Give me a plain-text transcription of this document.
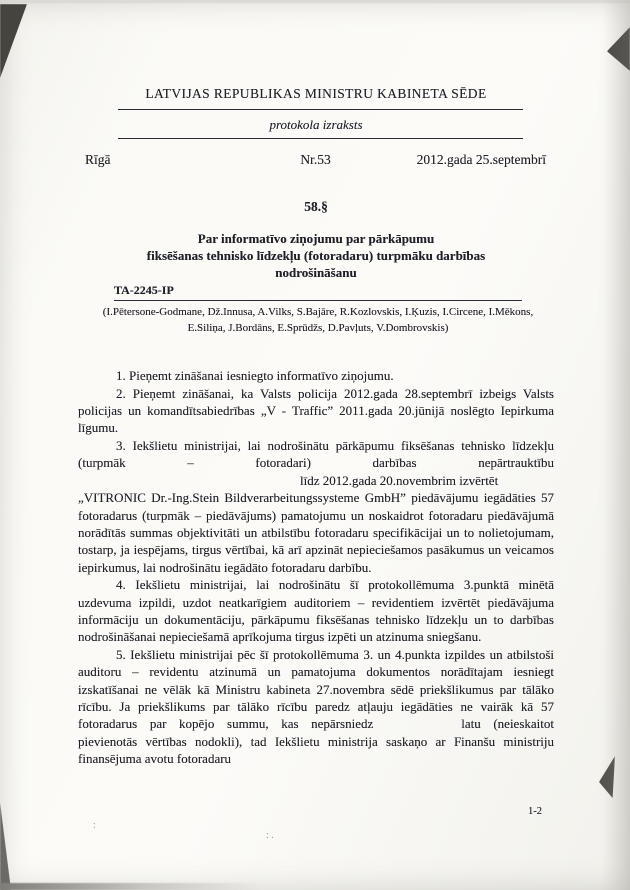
:
: .
LATVIJAS REPUBLIKAS MINISTRU KABINETA SĒDE
protokola izraksts
Rīgā	Nr.53	2012.gada 25.septembrī
58.§
Par informatīvo ziņojumu par pārkāpumu
fiksēšanas tehnisko līdzekļu (fotoradaru) turpmāku darbības
nodrošināšanu
TA-2245-IP
(I.Pētersone-Godmane, Dž.Innusa, A.Vilks, S.Bajāre, R.Kozlovskis, I.Ķuzis, I.Circene, I.Mēkons, E.Siliņa, J.Bordāns, E.Sprūdžs, D.Pavļuts, V.Dombrovskis)

1. Pieņemt zināšanai iesniegto informatīvo ziņojumu.

2. Pieņemt zināšanai, ka Valsts policija 2012.gada 28.septembrī izbeigs Valsts policijas un komandītsabiedrības „V - Traffic” 2011.gada 20.jūnijā noslēgto Iepirkuma līgumu.

3. Iekšlietu ministrijai, lai nodrošinātu pārkāpumu fiksēšanas tehnisko līdzekļu (turpmāk – fotoradari) darbības nepārtrauktību

līdz 2012.gada 20.novembrim izvērtēt

„VITRONIC Dr.-Ing.Stein Bildverarbeitungssysteme GmbH” piedāvājumu iegādāties 57 fotoradarus (turpmāk – piedāvājums) pamatojumu un noskaidrot fotoradaru piedāvājumā norādītās summas objektivitāti un atbilstību fotoradaru specifikācijai un to nolietojumam, tostarp, ja iespējams, tirgus vērtībai, kā arī apzināt nepieciešamos pasākumus un veicamos iepirkumus, lai nodrošinātu iegādāto fotoradaru darbību.

4. Iekšlietu ministrijai, lai nodrošinātu šī protokollēmuma 3.punktā minētā uzdevuma izpildi, uzdot neatkarīgiem auditoriem – revidentiem izvērtēt piedāvājuma informāciju un dokumentāciju, pārkāpumu fiksēšanas tehnisko līdzekļu un to darbības nodrošināšanai nepieciešamā aprīkojuma tirgus izpēti un atzinuma sniegšanu.

5. Iekšlietu ministrijai pēc šī protokollēmuma 3. un 4.punkta izpildes un atbilstoši auditoru – revidentu atzinumā un pamatojuma dokumentos norādītajam iesniegt izskatīšanai ne vēlāk kā Ministru kabineta 27.novembra sēdē priekšlikumus par tālāko rīcību. Ja priekšlikums par tālāko rīcību paredz atļauju iegādāties ne vairāk kā 57 fotoradarus par kopējo summu, kas nepārsniedz	latu (neieskaitot pievienotās vērtības nodokli), tad Iekšlietu ministrija saskaņo ar Finanšu ministriju finansējuma avotu fotoradaru

1-2
